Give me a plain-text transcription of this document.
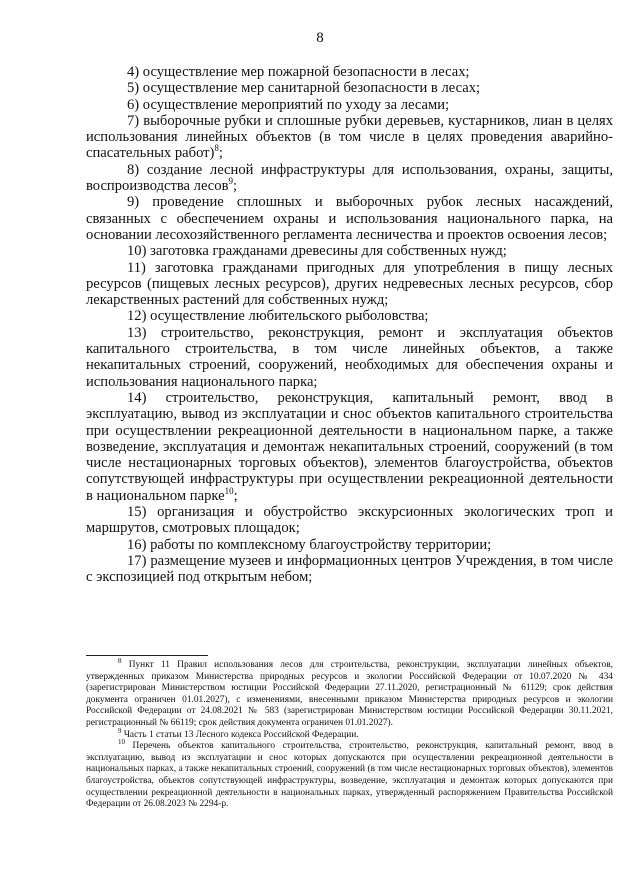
8

4) осуществление мер пожарной безопасности в лесах;

5) осуществление мер санитарной безопасности в лесах;

6) осуществление мероприятий по уходу за лесами;

7) выборочные рубки и сплошные рубки деревьев, кустарников, лиан в целях использования линейных объектов (в том числе в целях проведения аварийно-спасательных работ)$^8$;

8) создание лесной инфраструктуры для использования, охраны, защиты, воспроизводства лесов$^9$;

9) проведение сплошных и выборочных рубок лесных насаждений, связанных с обеспечением охраны и использования национального парка, на основании лесохозяйственного регламента лесничества и проектов освоения лесов;

10) заготовка гражданами древесины для собственных нужд;

11) заготовка гражданами пригодных для употребления в пищу лесных ресурсов (пищевых лесных ресурсов), других недревесных лесных ресурсов, сбор лекарственных растений для собственных нужд;

12) осуществление любительского рыболовства;

13) строительство, реконструкция, ремонт и эксплуатация объектов капитального строительства, в том числе линейных объектов, а также некапитальных строений, сооружений, необходимых для обеспечения охраны и использования национального парка;

14) строительство, реконструкция, капитальный ремонт, ввод в эксплуатацию, вывод из эксплуатации и снос объектов капитального строительства при осуществлении рекреационной деятельности в национальном парке, а также возведение, эксплуатация и демонтаж некапитальных строений, сооружений (в том числе нестационарных торговых объектов), элементов благоустройства, объектов сопутствующей инфраструктуры при осуществлении рекреационной деятельности в национальном парке$^{10}$;

15) организация и обустройство экскурсионных экологических троп и маршрутов, смотровых площадок;

16) работы по комплексному благоустройству территории;

17) размещение музеев и информационных центров Учреждения, в том числе с экспозицией под открытым небом;

$^8$ Пункт 11 Правил использования лесов для строительства, реконструкции, эксплуатации линейных объектов, утвержденных приказом Министерства природных ресурсов и экологии Российской Федерации от 10.07.2020 № 434 (зарегистрирован Министерством юстиции Российской Федерации 27.11.2020, регистрационный № 61129; срок действия документа ограничен 01.01.2027), с изменениями, внесенными приказом Министерства природных ресурсов и экологии Российской Федерации от 24.08.2021 № 583 (зарегистрирован Министерством юстиции Российской Федерации 30.11.2021, регистрационный № 66119; срок действия документа ограничен 01.01.2027).

$^9$ Часть 1 статьи 13 Лесного кодекса Российской Федерации.

$^{10}$ Перечень объектов капитального строительства, строительство, реконструкция, капитальный ремонт, ввод в эксплуатацию, вывод из эксплуатации и снос которых допускаются при осуществлении рекреационной деятельности в национальных парках, а также некапитальных строений, сооружений (в том числе нестационарных торговых объектов), элементов благоустройства, объектов сопутствующей инфраструктуры, возведение, эксплуатация и демонтаж которых допускаются при осуществлении рекреационной деятельности в национальных парках, утвержденный распоряжением Правительства Российской Федерации от 26.08.2023 № 2294-р.
